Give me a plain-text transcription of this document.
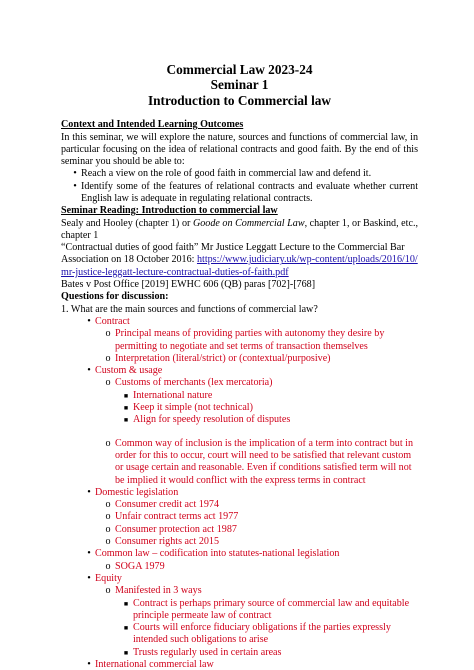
Commercial Law 2023-24
Seminar 1
Introduction to Commercial law
Context and Intended Learning Outcomes
In this seminar, we will explore the nature, sources and functions of commercial law, in particular focusing on the idea of relational contracts and good faith. By the end of this seminar you should be able to:
• Reach a view on the role of good faith in commercial law and defend it.
• Identify some of the features of relational contracts and evaluate whether current English law is adequate in regulating relational contracts.
Seminar Reading: Introduction to commercial law
Sealy and Hooley (chapter 1) or Goode on Commercial Law, chapter 1, or Baskind, etc., chapter 1
“Contractual duties of good faith” Mr Justice Leggatt Lecture to the Commercial Bar Association on 18 October 2016: https://www.judiciary.uk/wp-content/uploads/2016/10/mr-justice-leggatt-lecture-contractual-duties-of-faith.pdf
Bates v Post Office [2019] EWHC 606 (QB) paras [702]-[768]
Questions for discussion:
1. What are the main sources and functions of commercial law?
• Contract
o Principal means of providing parties with autonomy they desire by permitting to negotiate and set terms of transaction themselves
o Interpretation (literal/strict) or (contextual/purposive)
• Custom & usage
o Customs of merchants (lex mercatoria)
■ International nature
■ Keep it simple (not technical)
■ Align for speedy resolution of disputes
o Common way of inclusion is the implication of a term into contract but in order for this to occur, court will need to be satisfied that relevant custom or usage certain and reasonable. Even if conditions satisfied term will not be implied it would conflict with the express terms in contract
• Domestic legislation
o Consumer credit act 1974
o Unfair contract terms act 1977
o Consumer protection act 1987
o Consumer rights act 2015
• Common law – codification into statutes-national legislation
o SOGA 1979
• Equity
o Manifested in 3 ways
■ Contract is perhaps primary source of commercial law and equitable principle permeate law of contract
■ Courts will enforce fiduciary obligations if the parties expressly intended such obligations to arise
■ Trusts regularly used in certain areas
• International commercial law
